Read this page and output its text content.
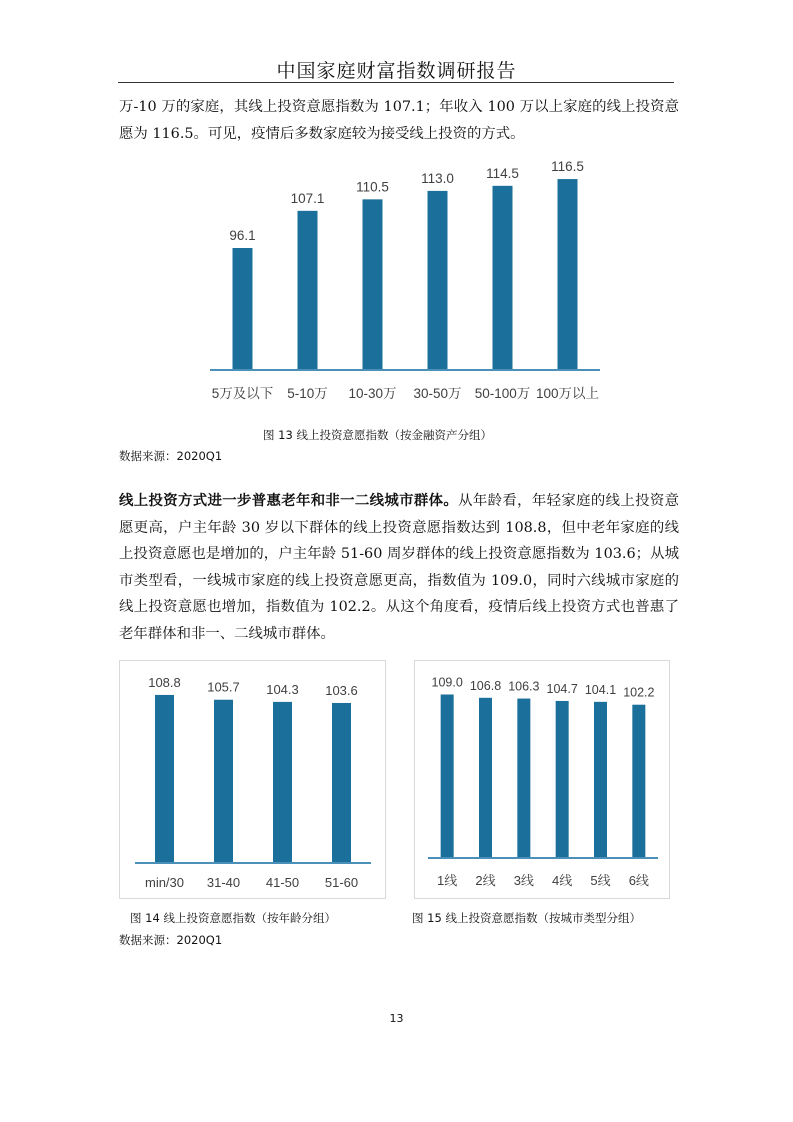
中国家庭财富指数调研报告

万-10 万的家庭，其线上投资意愿指数为 107.1；年收入 100 万以上家庭的线上投资意愿为 116.5。可见，疫情后多数家庭较为接受线上投资的方式。

96.1
5万及以下
107.1
5-10万
110.5
10-30万
113.0
30-50万
114.5
50-100万
116.5
100万以上
图 13 线上投资意愿指数（按金融资产分组）
数据来源：2020Q1

线上投资方式进一步普惠老年和非一二线城市群体。从年龄看，年轻家庭的线上投资意愿更高，户主年龄 30 岁以下群体的线上投资意愿指数达到 108.8，但中老年家庭的线上投资意愿也是增加的，户主年龄 51-60 周岁群体的线上投资意愿指数为 103.6；从城市类型看，一线城市家庭的线上投资意愿更高，指数值为 109.0，同时六线城市家庭的线上投资意愿也增加，指数值为 102.2。从这个角度看，疫情后线上投资方式也普惠了老年群体和非一、二线城市群体。

108.8
min/30
105.7
31-40
104.3
41-50
103.6
51-60
图 14 线上投资意愿指数（按年龄分组）
数据来源：2020Q1
109.0
1线
106.8
2线
106.3
3线
104.7
4线
104.1
5线
102.2
6线
图 15 线上投资意愿指数（按城市类型分组）
13
